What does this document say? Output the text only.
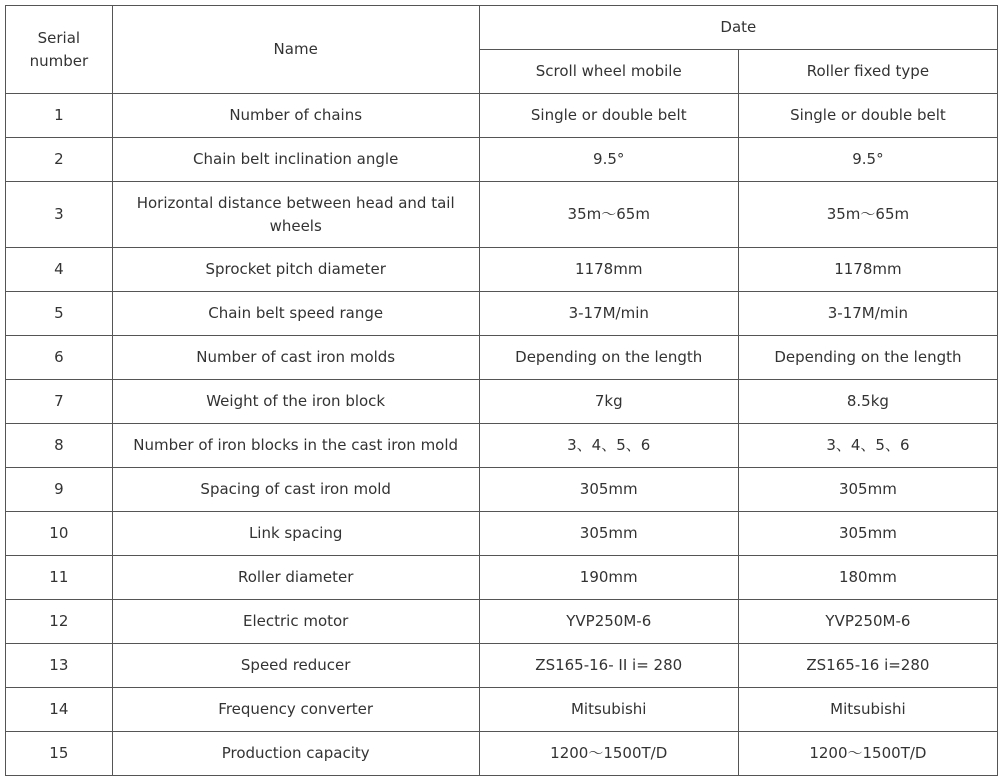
Serial number	Name	Date	
		Scroll wheel mobile	Roller fixed type
1	Number of chains	Single or double belt	Single or double belt
2	Chain belt inclination angle	9.5°	9.5°
3	Horizontal distance between head and tail wheels	35m～65m	35m～65m
4	Sprocket pitch diameter	1178mm	1178mm
5	Chain belt speed range	3-17M/min	3-17M/min
6	Number of cast iron molds	Depending on the length	Depending on the length
7	Weight of the iron block	7kg	8.5kg
8	Number of iron blocks in the cast iron mold	3、4、5、6	3、4、5、6
9	Spacing of cast iron mold	305mm	305mm
10	Link spacing	305mm	305mm
11	Roller diameter	190mm	180mm
12	Electric motor	YVP250M-6	YVP250M-6
13	Speed reducer	ZS165-16- II i= 280	ZS165-16 i=280
14	Frequency converter	Mitsubishi	Mitsubishi
15	Production capacity	1200～1500T/D	1200～1500T/D
